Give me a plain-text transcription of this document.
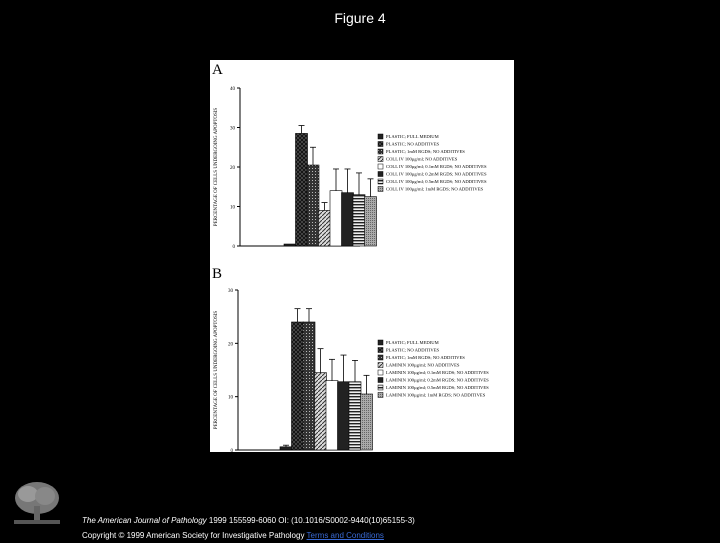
Figure 4
A
0
10
20
30
40
PERCENTAGE OF CELLS UNDERGOING APOPTOSIS	PLASTIC; FULL MEDIUM
PLASTIC; NO ADDITIVES
PLASTIC; 1mM RGDS; NO ADDITIVES
COLL IV 100µg/ml; NO ADDITIVES
COLL IV 100µg/ml; 0.1mM RGDS; NO ADDITIVES
COLL IV 100µg/ml; 0.2mM RGDS; NO ADDITIVES
COLL IV 100µg/ml; 0.5mM RGDS; NO ADDITIVES
COLL IV 100µg/ml; 1mM RGDS; NO ADDITIVES
B
0
10
20
30
PERCENTAGE OF CELLS UNDERGOING APOPTOSIS	PLASTIC; FULL MEDIUM
PLASTIC; NO ADDITIVES
PLASTIC; 1mM RGDS; NO ADDITIVES
LAMININ 100µg/ml; NO ADDITIVES
LAMININ 100µg/ml; 0.1mM RGDS; NO ADDITIVES
LAMININ 100µg/ml; 0.2mM RGDS; NO ADDITIVES
LAMININ 100µg/ml; 0.5mM RGDS; NO ADDITIVES
LAMININ 100µg/ml; 1mM RGDS; NO ADDITIVES
The American Journal of Pathology 1999 155599-6060 OI: (10.1016/S0002-9440(10)65155-3)
Copyright © 1999 American Society for Investigative Pathology Terms and Conditions
